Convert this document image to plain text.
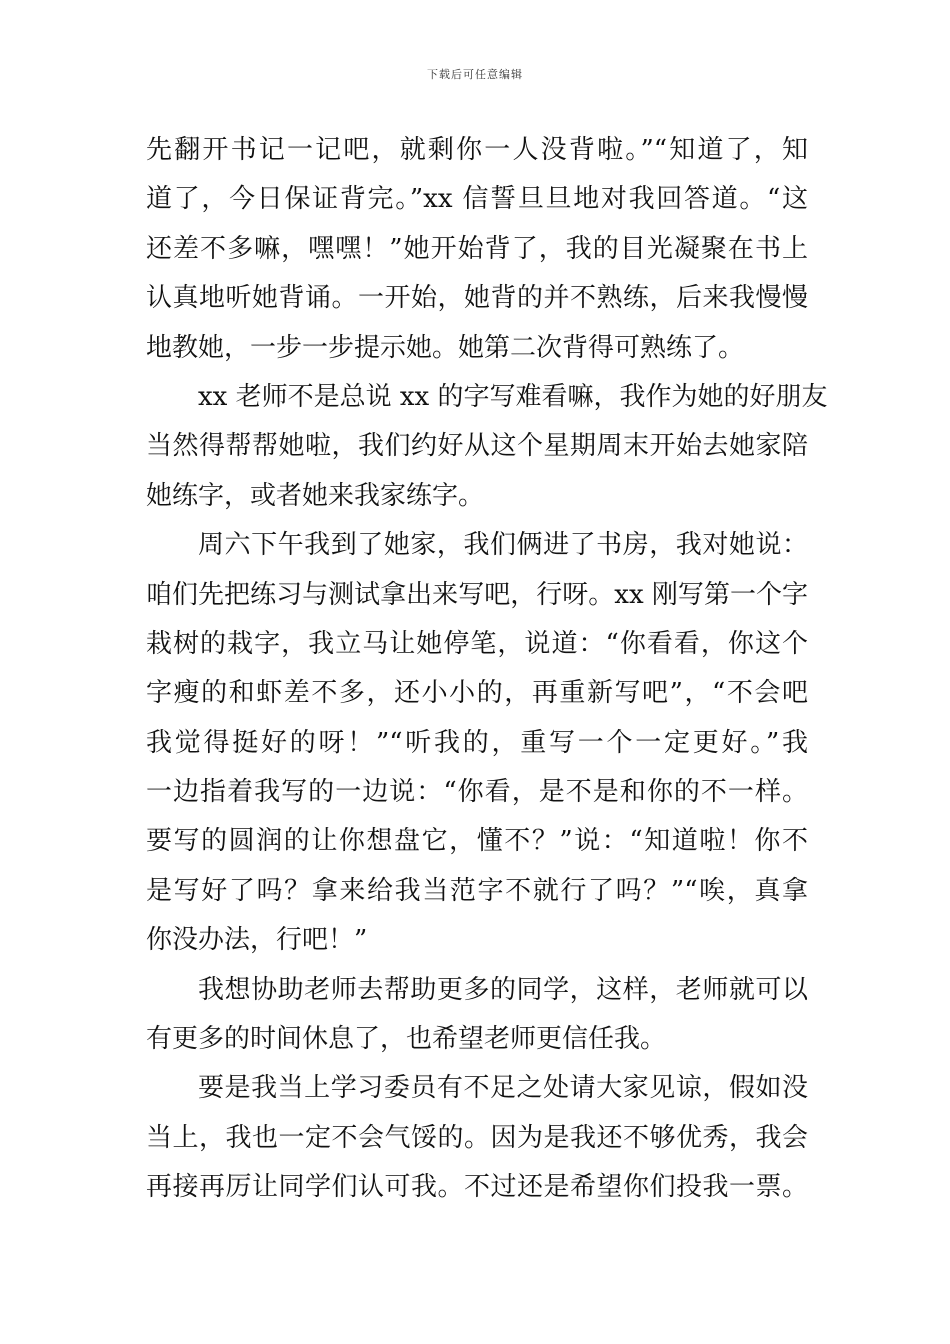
下载后可任意编辑
先翻开书记一记吧，就剩你一人没背啦。”“知道了，知
道了，今日保证背完。”xx 信誓旦旦地对我回答道。“这
还差不多嘛，嘿嘿！”她开始背了，我的目光凝聚在书上
认真地听她背诵。一开始，她背的并不熟练，后来我慢慢
地教她，一步一步提示她。她第二次背得可熟练了。
xx 老师不是总说 xx 的字写难看嘛，我作为她的好朋友
当然得帮帮她啦，我们约好从这个星期周末开始去她家陪
她练字，或者她来我家练字。
周六下午我到了她家，我们俩进了书房，我对她说：
咱们先把练习与测试拿出来写吧，行呀。xx 刚写第一个字
栽树的栽字，我立马让她停笔，说道：“你看看，你这个
字瘦的和虾差不多，还小小的，再重新写吧”，“不会吧
我觉得挺好的呀！”“听我的，重写一个一定更好。”我
一边指着我写的一边说：“你看，是不是和你的不一样。
要写的圆润的让你想盘它，懂不？”说：“知道啦！你不
是写好了吗？拿来给我当范字不就行了吗？”“唉，真拿
你没办法，行吧！”
我想协助老师去帮助更多的同学，这样，老师就可以
有更多的时间休息了，也希望老师更信任我。
要是我当上学习委员有不足之处请大家见谅，假如没
当上，我也一定不会气馁的。因为是我还不够优秀，我会
再接再厉让同学们认可我。不过还是希望你们投我一票。
